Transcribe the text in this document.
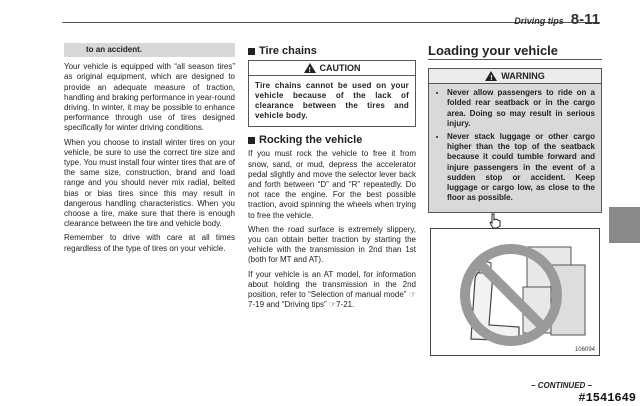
Driving tips 8-11
to an accident.

Your vehicle is equipped with “all season tires” as original equipment, which are designed to provide an adequate measure of traction, handling and braking performance in year-round driving. In winter, it may be possible to enhance performance through use of tires designed specifically for winter driving conditions.

When you choose to install winter tires on your vehicle, be sure to use the correct tire size and type. You must install four winter tires that are of the same size, construction, brand and load range and you should never mix radial, belted bias or bias tires since this may result in dangerous handling characteristics. When you choose a tire, make sure that there is enough clearance between the tire and vehicle body.

Remember to drive with care at all times regardless of the type of tires on your vehicle.

Tire chains
! CAUTION
Tire chains cannot be used on your vehicle because of the lack of clearance between the tires and vehicle body.
Rocking the vehicle

If you must rock the vehicle to free it from snow, sand, or mud, depress the accelerator pedal slightly and move the selector lever back and forth between “D” and “R” repeatedly. Do not race the engine. For the best possible traction, avoid spinning the wheels when trying to free the vehicle.

When the road surface is extremely slippery, you can obtain better traction by starting the vehicle with the transmission in 2nd than 1st (both for MT and AT).

If your vehicle is an AT model, for information about holding the transmission in the 2nd position, refer to “Selection of manual mode” ☞7-19 and “Driving tips” ☞7-21.

Loading your vehicle
! WARNING
• Never allow passengers to ride on a folded rear seatback or in the cargo area. Doing so may result in serious injury.
• Never stack luggage or other cargo higher than the top of the seatback because it could tumble forward and injure passengers in the event of a sudden stop or accident. Keep luggage or cargo low, as close to the floor as possible.
106094
– CONTINUED –
#1541649
